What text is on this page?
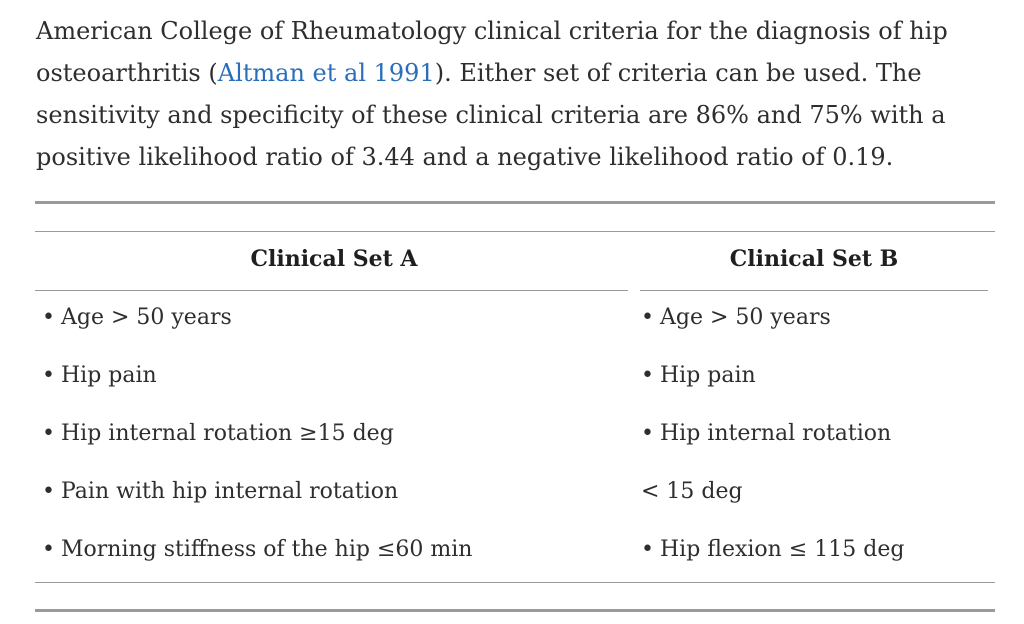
American College of Rheumatology clinical criteria for the diagnosis of hip osteoarthritis (Altman et al 1991). Either set of criteria can be used. The sensitivity and specificity of these clinical criteria are 86% and 75% with a positive likelihood ratio of 3.44 and a negative likelihood ratio of 0.19.

Clinical Set A	Clinical Set B
• Age > 50 years
• Hip pain
• Hip internal rotation ≥15 deg
• Pain with hip internal rotation
• Morning stiffness of the hip ≤60 min
• Age > 50 years
• Hip pain
• Hip internal rotation
< 15 deg
• Hip flexion ≤ 115 deg
